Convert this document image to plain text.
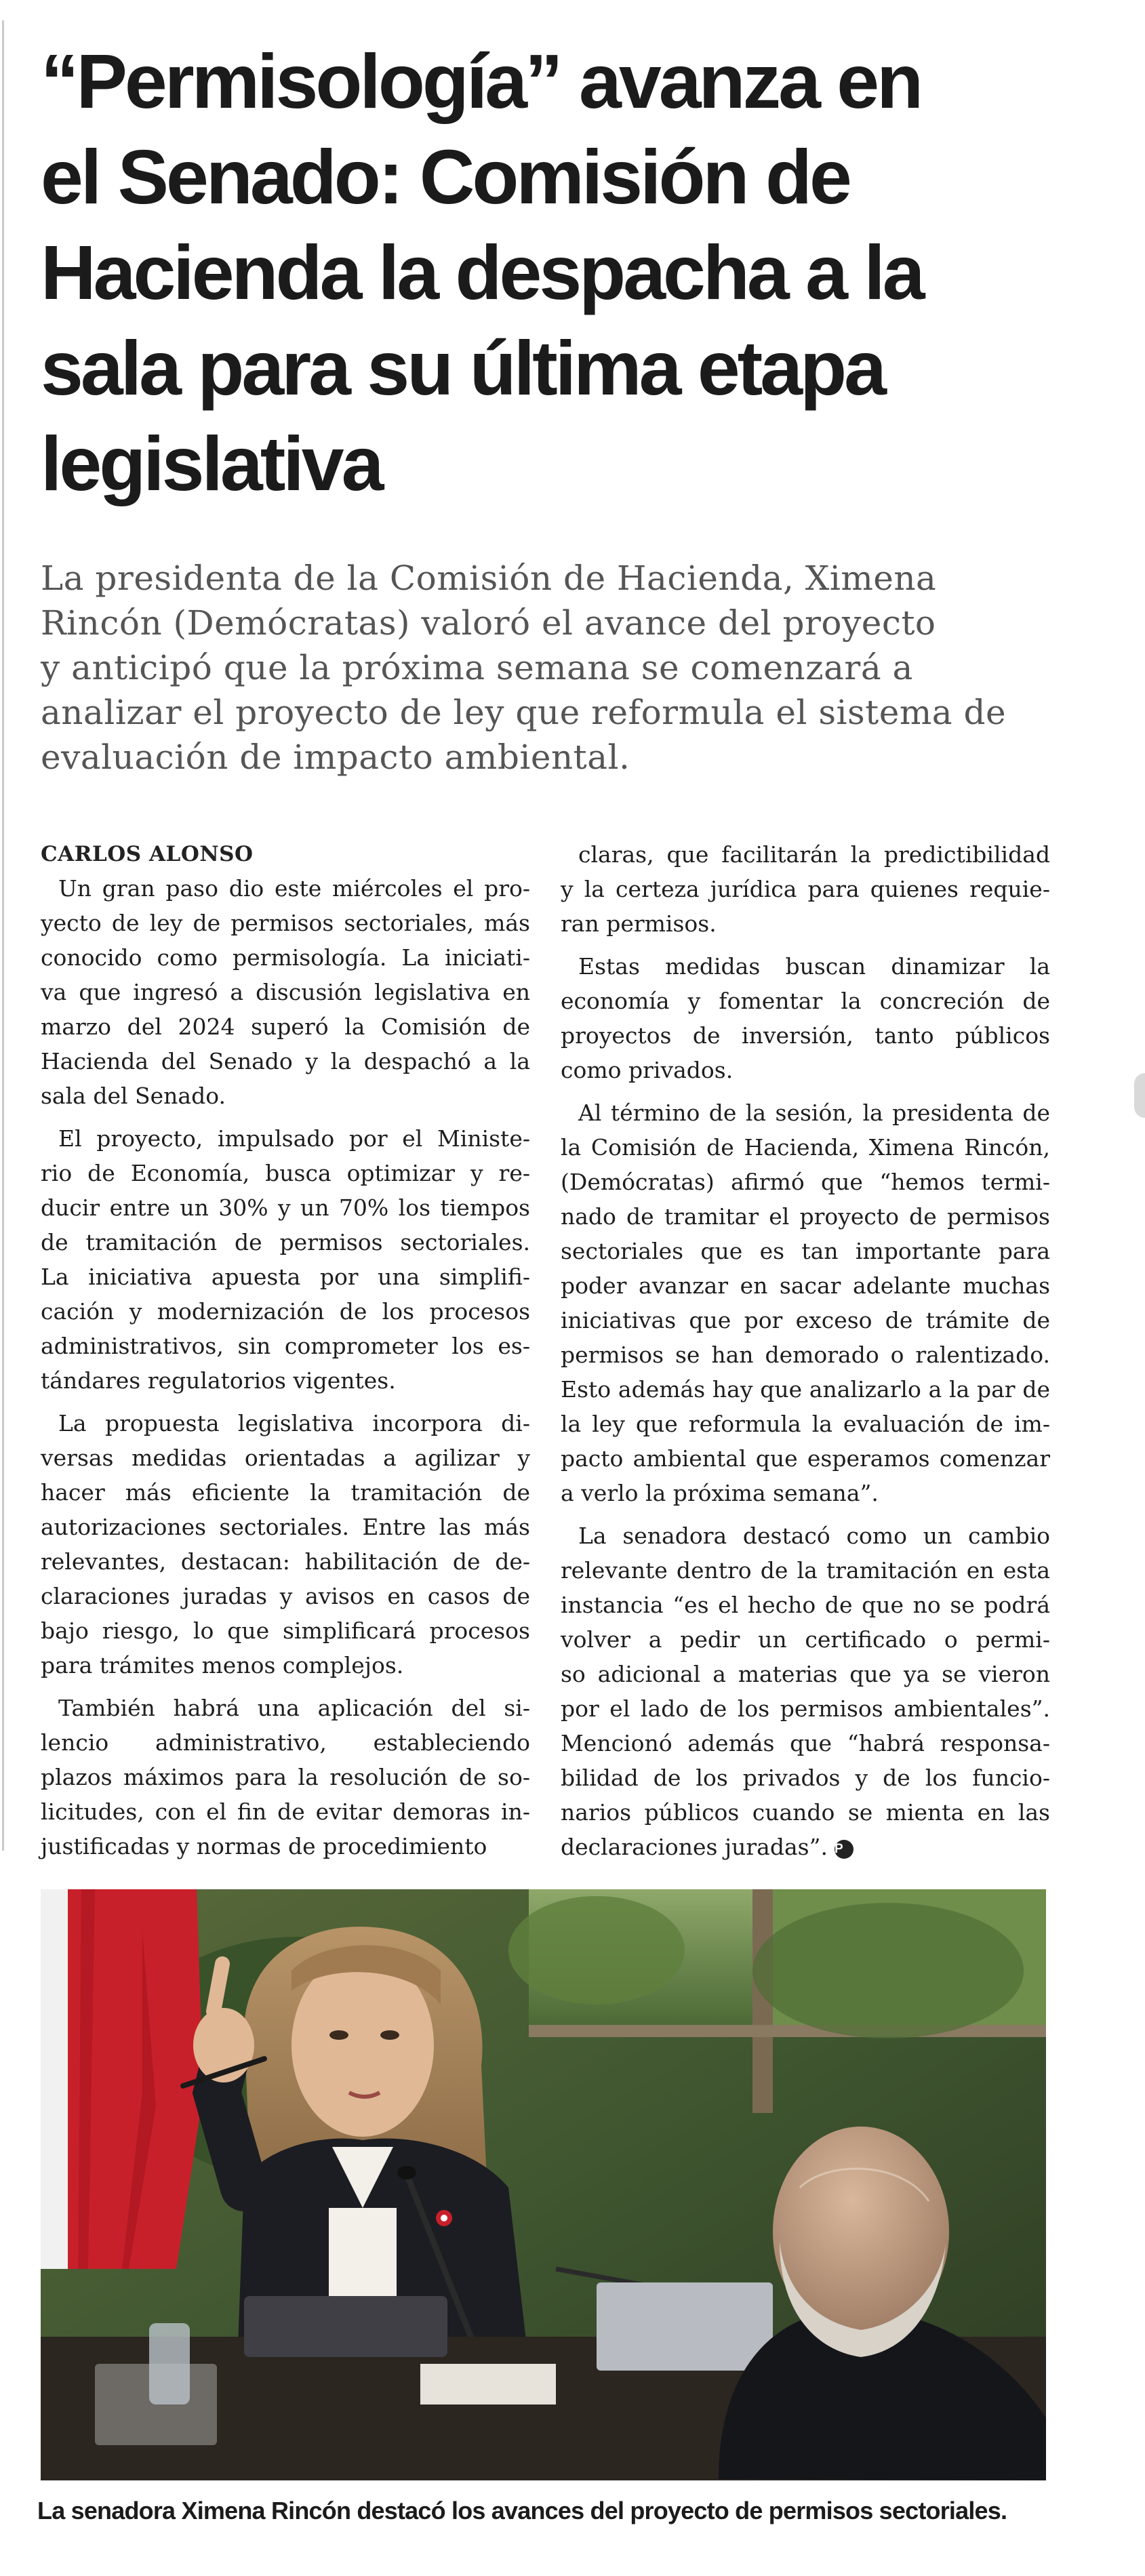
“Permisología” avanza en
el Senado: Comisión de
Hacienda la despacha a la
sala para su última etapa
legislativa

La presidenta de la Comisión de Hacienda, Ximena
Rincón (Demócratas) valoró el avance del proyecto
y anticipó que la próxima semana se comenzará a
analizar el proyecto de ley que reformula el sistema de
evaluación de impacto ambiental.

CARLOS ALONSO

Un gran paso dio este miércoles el pro-
yecto de ley de permisos sectoriales, más
conocido como permisología. La iniciati-
va que ingresó a discusión legislativa en
marzo del 2024 superó la Comisión de
Hacienda del Senado y la despachó a la
sala del Senado.

El proyecto, impulsado por el Ministe-
rio de Economía, busca optimizar y re-
ducir entre un 30% y un 70% los tiempos
de tramitación de permisos sectoriales.
La iniciativa apuesta por una simplifi-
cación y modernización de los procesos
administrativos, sin comprometer los es-
tándares regulatorios vigentes.

La propuesta legislativa incorpora di-
versas medidas orientadas a agilizar y
hacer más eficiente la tramitación de
autorizaciones sectoriales. Entre las más
relevantes, destacan: habilitación de de-
claraciones juradas y avisos en casos de
bajo riesgo, lo que simplificará procesos
para trámites menos complejos.

También habrá una aplicación del si-
lencio administrativo, estableciendo
plazos máximos para la resolución de so-
licitudes, con el fin de evitar demoras in-
justificadas y normas de procedimiento

claras, que facilitarán la predictibilidad
y la certeza jurídica para quienes requie-
ran permisos.

Estas medidas buscan dinamizar la
economía y fomentar la concreción de
proyectos de inversión, tanto públicos
como privados.

Al término de la sesión, la presidenta de
la Comisión de Hacienda, Ximena Rincón,
(Demócratas) afirmó que “hemos termi-
nado de tramitar el proyecto de permisos
sectoriales que es tan importante para
poder avanzar en sacar adelante muchas
iniciativas que por exceso de trámite de
permisos se han demorado o ralentizado.
Esto además hay que analizarlo a la par de
la ley que reformula la evaluación de im-
pacto ambiental que esperamos comenzar
a verlo la próxima semana”.

La senadora destacó como un cambio
relevante dentro de la tramitación en esta
instancia “es el hecho de que no se podrá
volver a pedir un certificado o permi-
so adicional a materias que ya se vieron
por el lado de los permisos ambientales”.
Mencionó además que “habrá responsa-
bilidad de los privados y de los funcio-
narios públicos cuando se mienta en las
declaraciones juradas”. P

La senadora Ximena Rincón destacó los avances del proyecto de permisos sectoriales.
